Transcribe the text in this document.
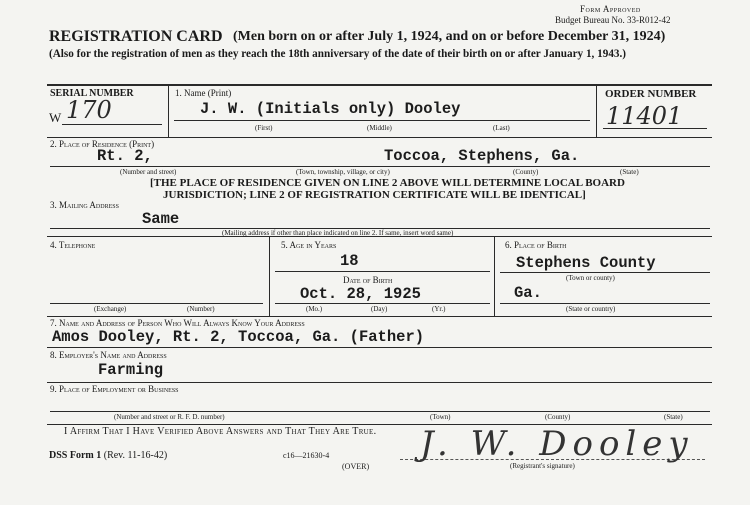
Form Approved
Budget Bureau No. 33-R012-42
REGISTRATION CARD (Men born on or after July 1, 1924, and on or before December 31, 1924)
(Also for the registration of men as they reach the 18th anniversary of the date of their birth on or after January 1, 1943.)
SERIAL NUMBER
W 170
1. Name (Print)
J. W. (Initials only) Dooley
(First)	(Middle)	(Last)
ORDER NUMBER
11401
2. Place of Residence (Print)
Rt. 2,	Toccoa, Stephens, Ga.
(Number and street)	(Town, township, village, or city)	(County)	(State)
[THE PLACE OF RESIDENCE GIVEN ON LINE 2 ABOVE WILL DETERMINE LOCAL BOARD
JURISDICTION; LINE 2 OF REGISTRATION CERTIFICATE WILL BE IDENTICAL]
3. Mailing Address
Same
(Mailing address if other than place indicated on line 2. If same, insert word same)
4. Telephone
(Exchange)	(Number)
5. Age in Years
18
Date of Birth
Oct. 28, 1925
(Mo.)	(Day)	(Yr.)
6. Place of Birth
Stephens County
(Town or county)
Ga.
(State or country)
7. Name and Address of Person Who Will Always Know Your Address
Amos Dooley, Rt. 2, Toccoa, Ga. (Father)
8. Employer's Name and Address
Farming
9. Place of Employment or Business
(Number and street or R. F. D. number)	(Town)	(County)	(State)
I Affirm That I Have Verified Above Answers and That They Are True.
DSS Form 1 (Rev. 11-16-42)	c16—21630-4
(OVER)
J. W. Dooley
(Registrant's signature)
